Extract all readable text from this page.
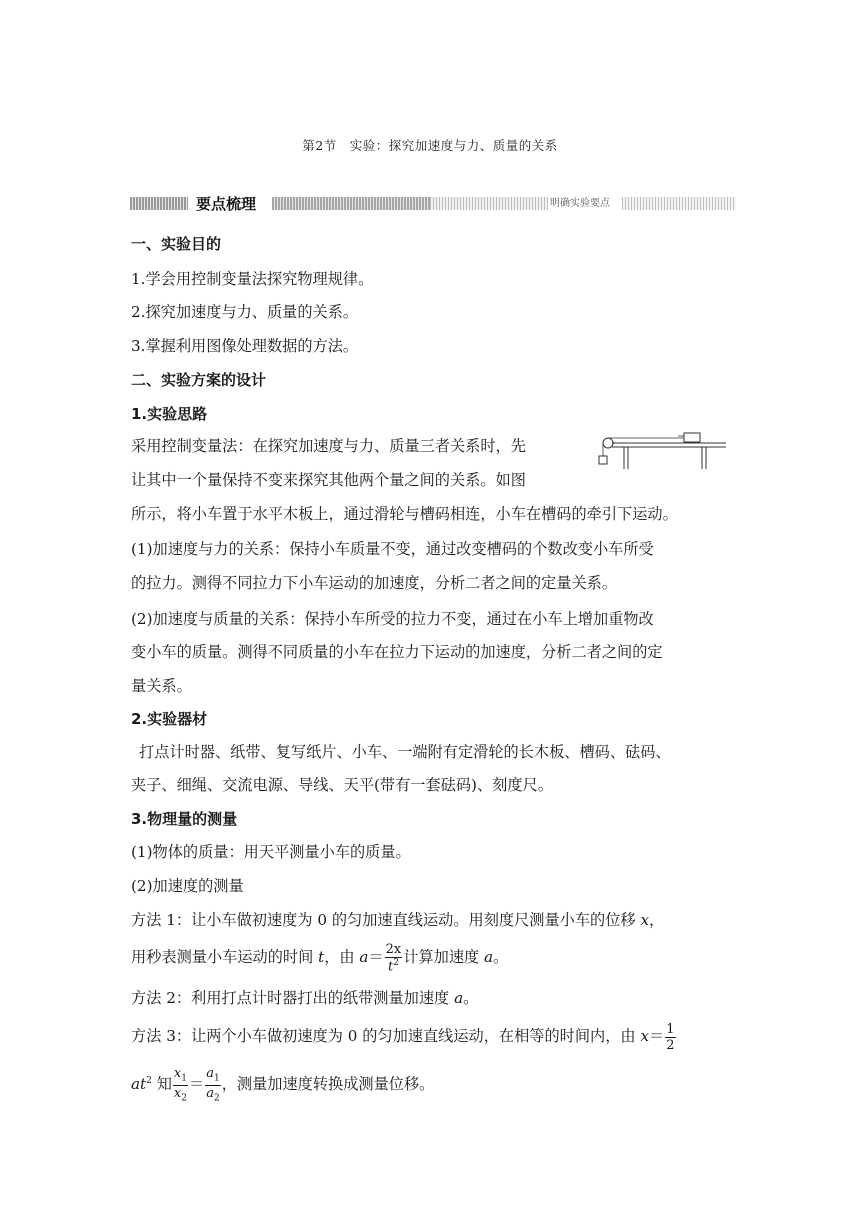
第2节　实验：探究加速度与力、质量的关系
要点梳理	明确实验要点
一、实验目的
1.学会用控制变量法探究物理规律。
2.探究加速度与力、质量的关系。
3.掌握利用图像处理数据的方法。
二、实验方案的设计
1.实验思路
采用控制变量法：在探究加速度与力、质量三者关系时，先
让其中一个量保持不变来探究其他两个量之间的关系。如图
所示，将小车置于水平木板上，通过滑轮与槽码相连，小车在槽码的牵引下运动。
(1)加速度与力的关系：保持小车质量不变，通过改变槽码的个数改变小车所受
的拉力。测得不同拉力下小车运动的加速度，分析二者之间的定量关系。
(2)加速度与质量的关系：保持小车所受的拉力不变，通过在小车上增加重物改
变小车的质量。测得不同质量的小车在拉力下运动的加速度，分析二者之间的定
量关系。
2.实验器材
打点计时器、纸带、复写纸片、小车、一端附有定滑轮的长木板、槽码、砝码、
夹子、细绳、交流电源、导线、天平(带有一套砝码)、刻度尺。
3.物理量的测量
(1)物体的质量：用天平测量小车的质量。
(2)加速度的测量
方法 1：让小车做初速度为 0 的匀加速直线运动。用刻度尺测量小车的位移 x，
用秒表测量小车运动的时间 t，由 $a= \frac{2x}{t^2}$ 计算加速度 a。
方法 2：利用打点计时器打出的纸带测量加速度 a。
方法 3：让两个小车做初速度为 0 的匀加速直线运动，在相等的时间内，由 $x= \frac{1}{2}$
$at^2$ 知 $\frac{x_1}{x_2} = \frac{a_1}{a_2}$ ，测量加速度转换成测量位移。
